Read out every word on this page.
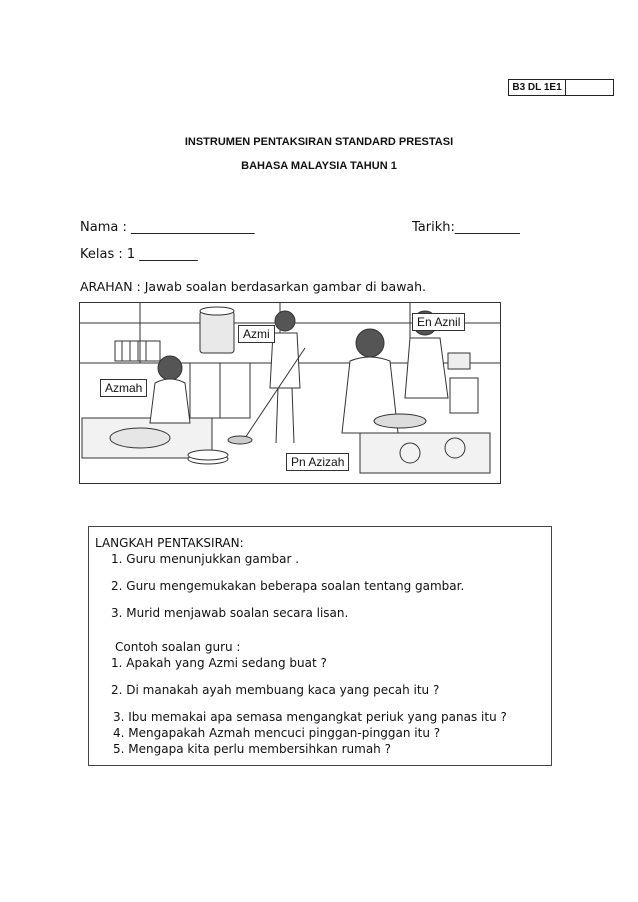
B3 DL 1E1
INSTRUMEN PENTAKSIRAN STANDARD PRESTASI
BAHASA MALAYSIA TAHUN 1
Nama : ___________________	Tarikh:__________
Kelas : 1 _________
ARAHAN : Jawab soalan berdasarkan gambar di bawah.
Azmi
En Aznil
Azmah
Pn Azizah
LANGKAH PENTAKSIRAN:
1. Guru menunjukkan gambar .
2. Guru mengemukakan beberapa soalan tentang gambar.
3. Murid menjawab soalan secara lisan.
Contoh soalan guru :
1. Apakah yang Azmi sedang buat ?
2. Di manakah ayah membuang kaca yang pecah itu ?
3. Ibu memakai apa semasa mengangkat periuk yang panas itu ?
4. Mengapakah Azmah mencuci pinggan-pinggan itu ?
5. Mengapa kita perlu membersihkan rumah ?
